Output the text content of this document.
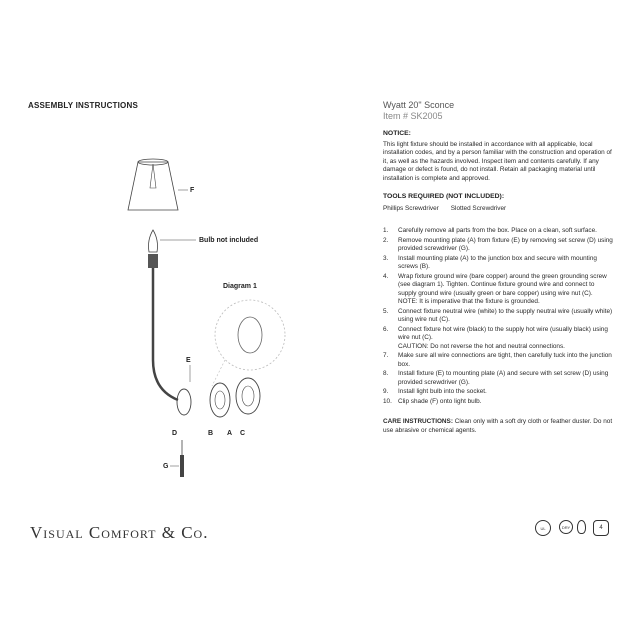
ASSEMBLY INSTRUCTIONS
Visual Comfort & Co.
F
Bulb not included
E
Diagram 1
D	B A C
G
Wyatt 20" Sconce
Item # SK2005
NOTICE:
This light fixture should be installed in accordance with all applicable, local installation codes, and by a person familiar with the construction and operation of it, as well as the hazards involved. Inspect item and contents carefully. If any damage or defect is found, do not install. Retain all packaging material until installation is complete and approved.
TOOLS REQUIRED (NOT INCLUDED):
Phillips Screwdriver Slotted Screwdriver
1. Carefully remove all parts from the box. Place on a clean, soft surface.
2. Remove mounting plate (A) from fixture (E) by removing set screw (D) using provided screwdriver (G).
3. Install mounting plate (A) to the junction box and secure with mounting screws (B).
4. Wrap fixture ground wire (bare copper) around the green grounding screw (see diagram 1). Tighten. Continue fixture ground wire and connect to supply ground wire (usually green or bare copper) using wire nut (C).
NOTE: It is imperative that the fixture is grounded.
5. Connect fixture neutral wire (white) to the supply neutral wire (usually white) using wire nut (C).
6. Connect fixture hot wire (black) to the supply hot wire (usually black) using wire nut (C).
CAUTION: Do not reverse the hot and neutral connections.
7. Make sure all wire connections are tight, then carefully tuck into the junction box.
8. Install fixture (E) to mounting plate (A) and secure with set screw (D) using provided screwdriver (G).
9. Install light bulb into the socket.
10. Clip shade (F) onto light bulb.
CARE INSTRUCTIONS: Clean only with a soft dry cloth or feather duster. Do not use abrasive or chemical agents.
UL	DRY	4
